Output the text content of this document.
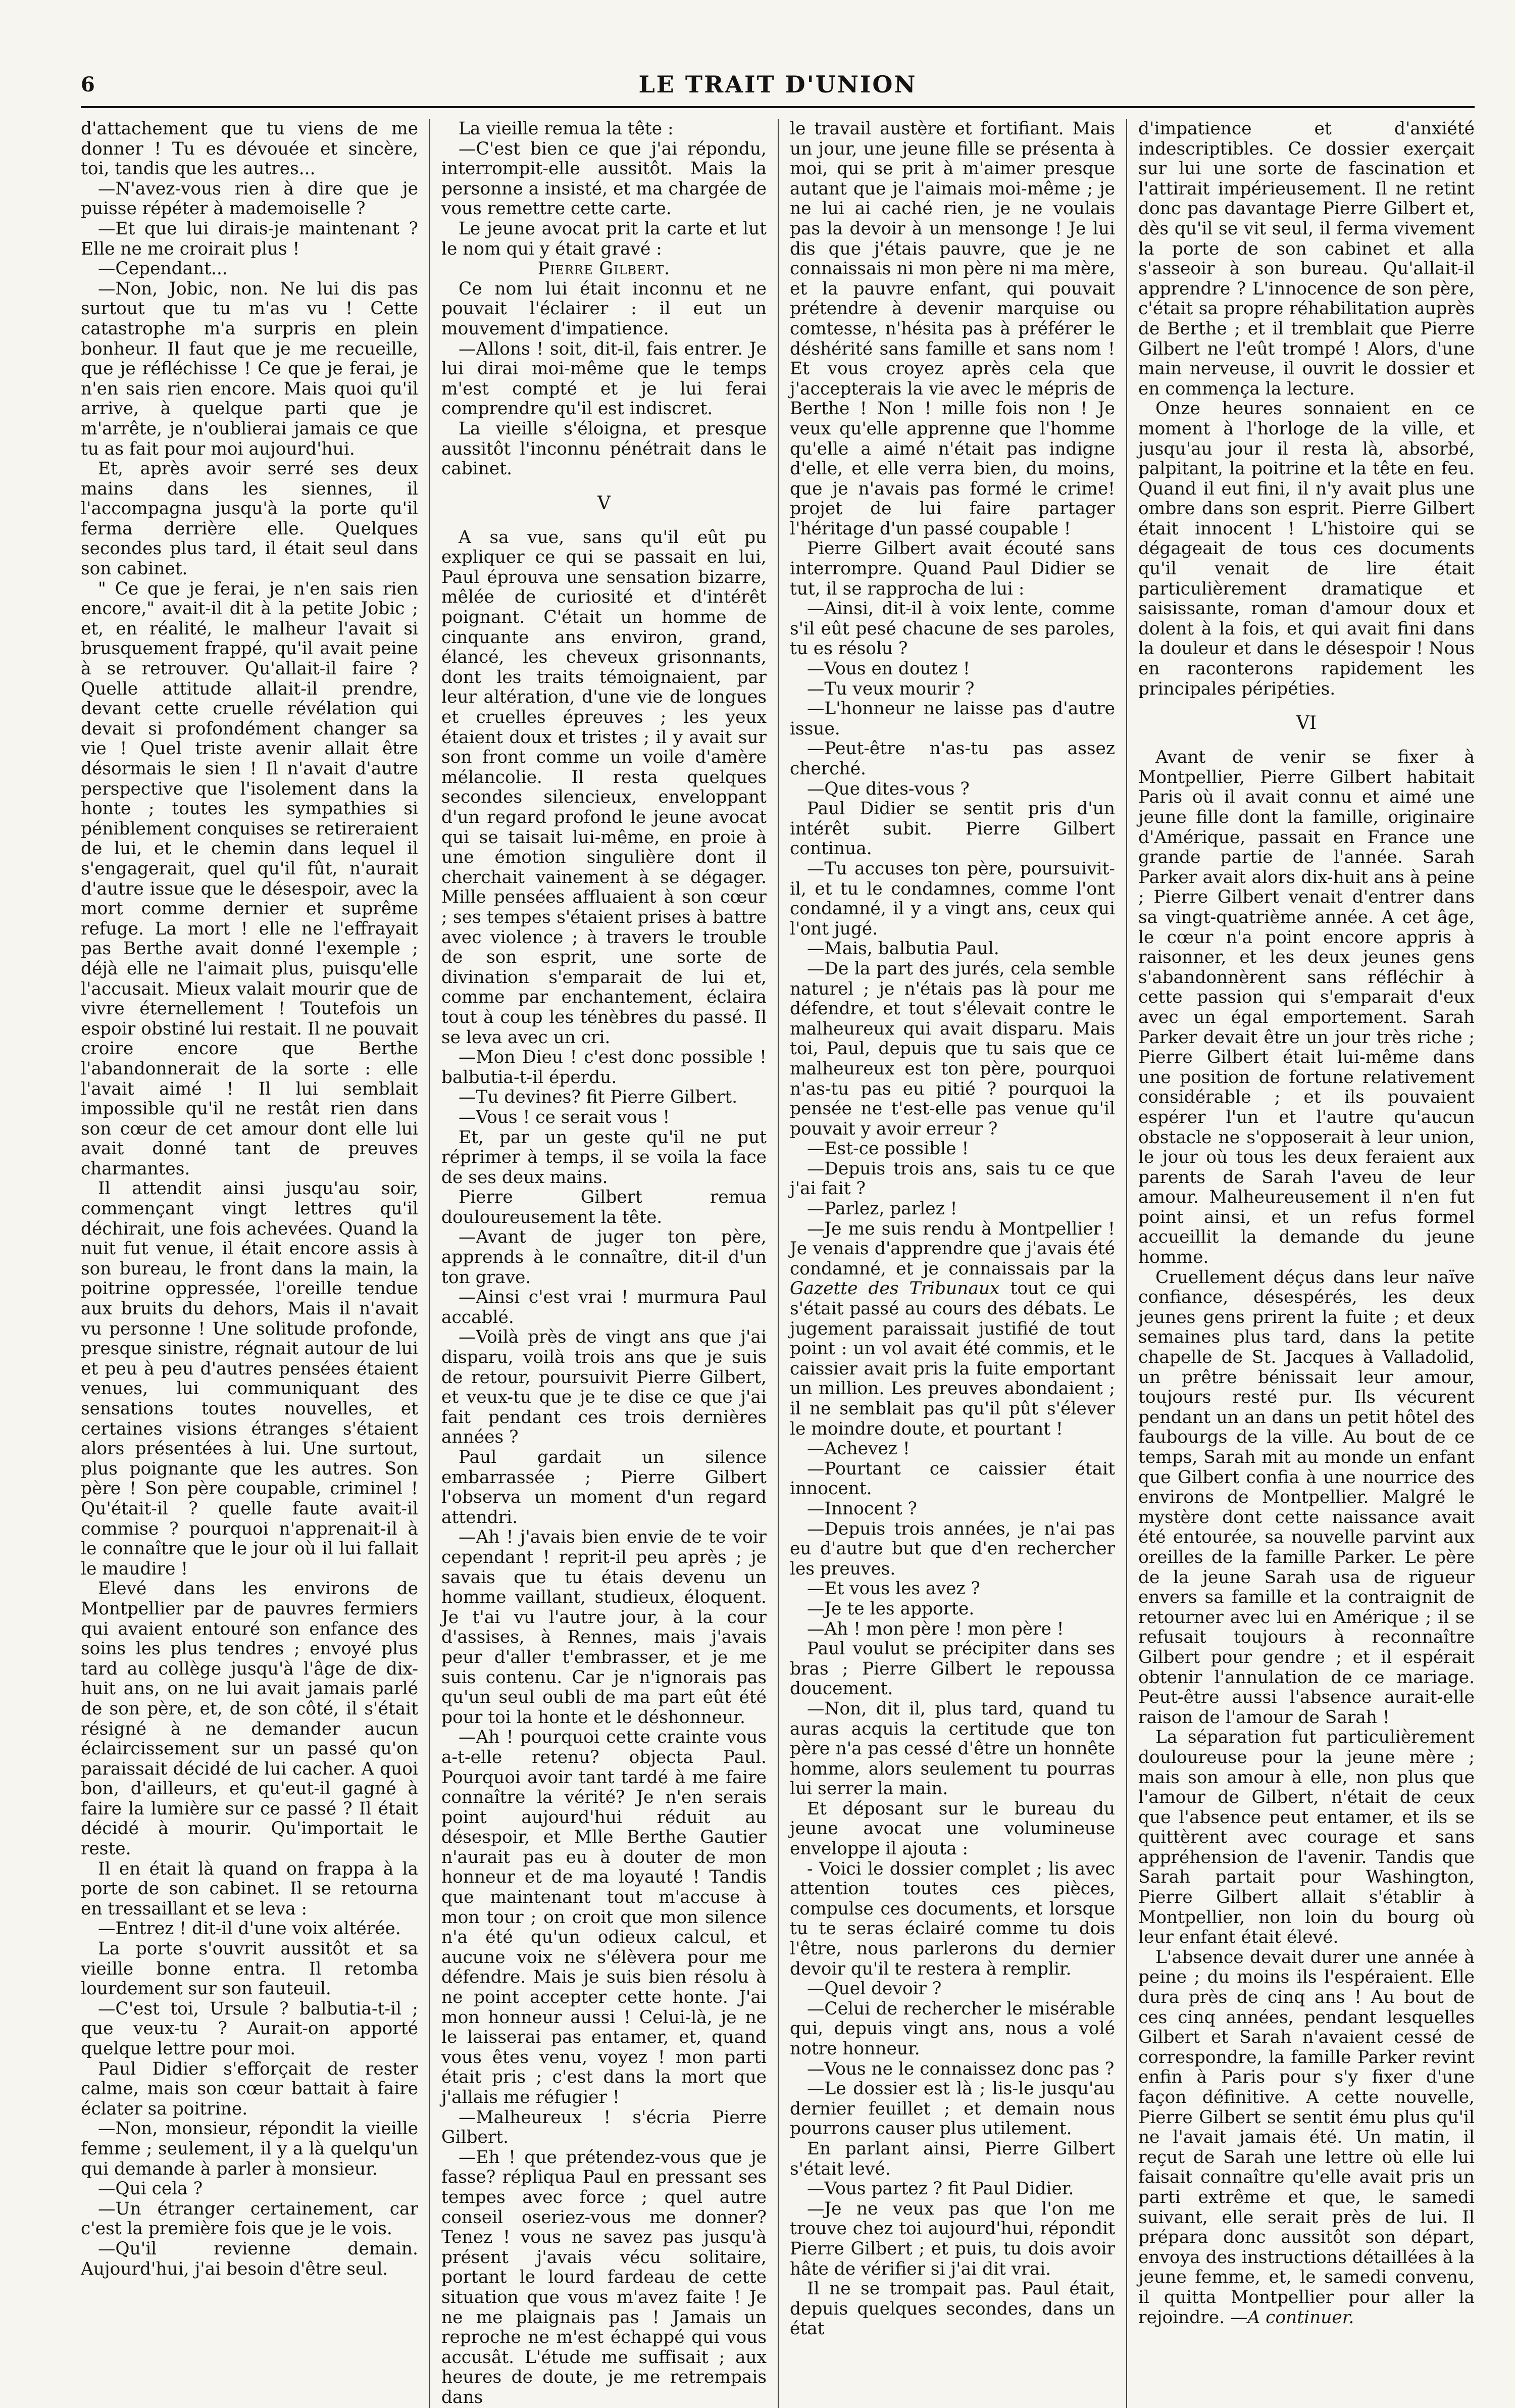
6	LE TRAIT D'UNION

d'attachement que tu viens de me donner ! Tu es dévouée et sincère, toi, tandis que les autres...

—N'avez-vous rien à dire que je puisse répéter à mademoiselle ?

—Et que lui dirais-je maintenant ? Elle ne me croirait plus !

—Cependant...

—Non, Jobic, non. Ne lui dis pas surtout que tu m'as vu ! Cette catastrophe m'a surpris en plein bonheur. Il faut que je me recueille, que je réfléchisse ! Ce que je ferai, je n'en sais rien encore. Mais quoi qu'il arrive, à quelque parti que je m'arrête, je n'oublierai jamais ce que tu as fait pour moi aujourd'hui.

Et, après avoir serré ses deux mains dans les siennes, il l'accompagna jusqu'à la porte qu'il ferma derrière elle. Quelques secondes plus tard, il était seul dans son cabinet.

" Ce que je ferai, je n'en sais rien encore," avait-il dit à la petite Jobic ; et, en réalité, le malheur l'avait si brusquement frappé, qu'il avait peine à se retrouver. Qu'allait-il faire ? Quelle attitude allait-il prendre, devant cette cruelle révélation qui devait si profondément changer sa vie ! Quel triste avenir allait être désormais le sien ! Il n'avait d'autre perspective que l'isolement dans la honte ; toutes les sympathies si péniblement conquises se retireraient de lui, et le chemin dans lequel il s'engagerait, quel qu'il fût, n'aurait d'autre issue que le désespoir, avec la mort comme dernier et suprême refuge. La mort ! elle ne l'effrayait pas Berthe avait donné l'exemple ; déjà elle ne l'aimait plus, puisqu'elle l'accusait. Mieux valait mourir que de vivre éternellement ! Toutefois un espoir obstiné lui restait. Il ne pouvait croire encore que Berthe l'abandonnerait de la sorte : elle l'avait aimé ! Il lui semblait impossible qu'il ne restât rien dans son cœur de cet amour dont elle lui avait donné tant de preuves charmantes.

Il attendit ainsi jusqu'au soir, commençant vingt lettres qu'il déchirait, une fois achevées. Quand la nuit fut venue, il était encore assis à son bureau, le front dans la main, la poitrine oppressée, l'oreille tendue aux bruits du dehors, Mais il n'avait vu personne ! Une solitude profonde, presque sinistre, régnait autour de lui et peu à peu d'autres pensées étaient venues, lui communiquant des sensations toutes nouvelles, et certaines visions étranges s'étaient alors présentées à lui. Une surtout, plus poignante que les autres. Son père ! Son père coupable, criminel ! Qu'était-il ? quelle faute avait-il commise ? pourquoi n'apprenait-il à le connaître que le jour où il lui fallait le maudire !

Elevé dans les environs de Montpellier par de pauvres fermiers qui avaient entouré son enfance des soins les plus tendres ; envoyé plus tard au collège jusqu'à l'âge de dix-huit ans, on ne lui avait jamais parlé de son père, et, de son côté, il s'était résigné à ne demander aucun éclaircissement sur un passé qu'on paraissait décidé de lui cacher. A quoi bon, d'ailleurs, et qu'eut-il gagné à faire la lumière sur ce passé ? Il était décidé à mourir. Qu'importait le reste.

Il en était là quand on frappa à la porte de son cabinet. Il se retourna en tressaillant et se leva :

—Entrez ! dit-il d'une voix altérée.

La porte s'ouvrit aussitôt et sa vieille bonne entra. Il retomba lourdement sur son fauteuil.

—C'est toi, Ursule ? balbutia-t-il ; que veux-tu ? Aurait-on apporté quelque lettre pour moi.

Paul Didier s'efforçait de rester calme, mais son cœur battait à faire éclater sa poitrine.

—Non, monsieur, répondit la vieille femme ; seulement, il y a là quelqu'un qui demande à parler à monsieur.

—Qui cela ?

—Un étranger certainement, car c'est la première fois que je le vois.

—Qu'il revienne demain. Aujourd'hui, j'ai besoin d'être seul.

La vieille remua la tête :

—C'est bien ce que j'ai répondu, interrompit-elle aussitôt. Mais la personne a insisté, et ma chargée de vous remettre cette carte.

Le jeune avocat prit la carte et lut le nom qui y était gravé :

Pierre Gilbert.

Ce nom lui était inconnu et ne pouvait l'éclairer : il eut un mouvement d'impatience.

—Allons ! soit, dit-il, fais entrer. Je lui dirai moi-même que le temps m'est compté et je lui ferai comprendre qu'il est indiscret.

La vieille s'éloigna, et presque aussitôt l'inconnu pénétrait dans le cabinet.

V

A sa vue, sans qu'il eût pu expliquer ce qui se passait en lui, Paul éprouva une sensation bizarre, mêlée de curiosité et d'intérêt poignant. C'était un homme de cinquante ans environ, grand, élancé, les cheveux grisonnants, dont les traits témoignaient, par leur altération, d'une vie de longues et cruelles épreuves ; les yeux étaient doux et tristes ; il y avait sur son front comme un voile d'amère mélancolie. Il resta quelques secondes silencieux, enveloppant d'un regard profond le jeune avocat qui se taisait lui-même, en proie à une émotion singulière dont il cherchait vainement à se dégager. Mille pensées affluaient à son cœur ; ses tempes s'étaient prises à battre avec violence ; à travers le trouble de son esprit, une sorte de divination s'emparait de lui et, comme par enchantement, éclaira tout à coup les ténèbres du passé. Il se leva avec un cri.

—Mon Dieu ! c'est donc possible ! balbutia-t-il éperdu.

—Tu devines? fit Pierre Gilbert.

—Vous ! ce serait vous !

Et, par un geste qu'il ne put réprimer à temps, il se voila la face de ses deux mains.

Pierre Gilbert remua douloureusement la tête.

—Avant de juger ton père, apprends à le connaître, dit-il d'un ton grave.

—Ainsi c'est vrai ! murmura Paul accablé.

—Voilà près de vingt ans que j'ai disparu, voilà trois ans que je suis de retour, poursuivit Pierre Gilbert, et veux-tu que je te dise ce que j'ai fait pendant ces trois dernières années ?

Paul gardait un silence embarrassée ; Pierre Gilbert l'observa un moment d'un regard attendri.

—Ah ! j'avais bien envie de te voir cependant ! reprit-il peu après ; je savais que tu étais devenu un homme vaillant, studieux, éloquent. Je t'ai vu l'autre jour, à la cour d'assises, à Rennes, mais j'avais peur d'aller t'embrasser, et je me suis contenu. Car je n'ignorais pas qu'un seul oubli de ma part eût été pour toi la honte et le déshonneur.

—Ah ! pourquoi cette crainte vous a-t-elle retenu? objecta Paul. Pourquoi avoir tant tardé à me faire connaître la vérité? Je n'en serais point aujourd'hui réduit au désespoir, et Mlle Berthe Gautier n'aurait pas eu à douter de mon honneur et de ma loyauté ! Tandis que maintenant tout m'accuse à mon tour ; on croit que mon silence n'a été qu'un odieux calcul, et aucune voix ne s'élèvera pour me défendre. Mais je suis bien résolu à ne point accepter cette honte. J'ai mon honneur aussi ! Celui-là, je ne le laisserai pas entamer, et, quand vous êtes venu, voyez ! mon parti était pris ; c'est dans la mort que j'allais me réfugier !

—Malheureux ! s'écria Pierre Gilbert.

—Eh ! que prétendez-vous que je fasse? répliqua Paul en pressant ses tempes avec force ; quel autre conseil oseriez-vous me donner? Tenez ! vous ne savez pas jusqu'à présent j'avais vécu solitaire, portant le lourd fardeau de cette situation que vous m'avez faite ! Je ne me plaignais pas ! Jamais un reproche ne m'est échappé qui vous accusât. L'étude me suffisait ; aux heures de doute, je me retrempais dans

le travail austère et fortifiant. Mais un jour, une jeune fille se présenta à moi, qui se prit à m'aimer presque autant que je l'aimais moi-même ; je ne lui ai caché rien, je ne voulais pas la devoir à un mensonge ! Je lui dis que j'étais pauvre, que je ne connaissais ni mon père ni ma mère, et la pauvre enfant, qui pouvait prétendre à devenir marquise ou comtesse, n'hésita pas à préférer le déshérité sans famille et sans nom ! Et vous croyez après cela que j'accepterais la vie avec le mépris de Berthe ! Non ! mille fois non ! Je veux qu'elle apprenne que l'homme qu'elle a aimé n'était pas indigne d'elle, et elle verra bien, du moins, que je n'avais pas formé le crime! projet de lui faire partager l'héritage d'un passé coupable !

Pierre Gilbert avait écouté sans interrompre. Quand Paul Didier se tut, il se rapprocha de lui :

—Ainsi, dit-il à voix lente, comme s'il eût pesé chacune de ses paroles, tu es résolu ?

—Vous en doutez !

—Tu veux mourir ?

—L'honneur ne laisse pas d'autre issue.

—Peut-être n'as-tu pas assez cherché.

—Que dites-vous ?

Paul Didier se sentit pris d'un intérêt subit. Pierre Gilbert continua.

—Tu accuses ton père, poursuivit-il, et tu le condamnes, comme l'ont condamné, il y a vingt ans, ceux qui l'ont jugé.

—Mais, balbutia Paul.

—De la part des jurés, cela semble naturel ; je n'étais pas là pour me défendre, et tout s'élevait contre le malheureux qui avait disparu. Mais toi, Paul, depuis que tu sais que ce malheureux est ton père, pourquoi n'as-tu pas eu pitié ? pourquoi la pensée ne t'est-elle pas venue qu'il pouvait y avoir erreur ?

—Est-ce possible !

—Depuis trois ans, sais tu ce que j'ai fait ?

—Parlez, parlez !

—Je me suis rendu à Montpellier ! Je venais d'apprendre que j'avais été condamné, et je connaissais par la Gazette des Tribunaux tout ce qui s'était passé au cours des débats. Le jugement paraissait justifié de tout point : un vol avait été commis, et le caissier avait pris la fuite emportant un million. Les preuves abondaient ; il ne semblait pas qu'il pût s'élever le moindre doute, et pourtant !

—Achevez !

—Pourtant ce caissier était innocent.

—Innocent ?

—Depuis trois années, je n'ai pas eu d'autre but que d'en rechercher les preuves.

—Et vous les avez ?

—Je te les apporte.

—Ah ! mon père ! mon père !

Paul voulut se précipiter dans ses bras ; Pierre Gilbert le repoussa doucement.

—Non, dit il, plus tard, quand tu auras acquis la certitude que ton père n'a pas cessé d'être un honnête homme, alors seulement tu pourras lui serrer la main.

Et déposant sur le bureau du jeune avocat une volumineuse enveloppe il ajouta :

- Voici le dossier complet ; lis avec attention toutes ces pièces, compulse ces documents, et lorsque tu te seras éclairé comme tu dois l'être, nous parlerons du dernier devoir qu'il te restera à remplir.

—Quel devoir ?

—Celui de rechercher le misérable qui, depuis vingt ans, nous a volé notre honneur.

—Vous ne le connaissez donc pas ?

—Le dossier est là ; lis-le jusqu'au dernier feuillet ; et demain nous pourrons causer plus utilement.

En parlant ainsi, Pierre Gilbert s'était levé.

—Vous partez ? fit Paul Didier.

—Je ne veux pas que l'on me trouve chez toi aujourd'hui, répondit Pierre Gilbert ; et puis, tu dois avoir hâte de vérifier si j'ai dit vrai.

Il ne se trompait pas. Paul était, depuis quelques secondes, dans un état

d'impatience et d'anxiété indescriptibles. Ce dossier exerçait sur lui une sorte de fascination et l'attirait impérieusement. Il ne retint donc pas davantage Pierre Gilbert et, dès qu'il se vit seul, il ferma vivement la porte de son cabinet et alla s'asseoir à son bureau. Qu'allait-il apprendre ? L'innocence de son père, c'était sa propre réhabilitation auprès de Berthe ; et il tremblait que Pierre Gilbert ne l'eût trompé ! Alors, d'une main nerveuse, il ouvrit le dossier et en commença la lecture.

Onze heures sonnaient en ce moment à l'horloge de la ville, et jusqu'au jour il resta là, absorbé, palpitant, la poitrine et la tête en feu. Quand il eut fini, il n'y avait plus une ombre dans son esprit. Pierre Gilbert était innocent ! L'histoire qui se dégageait de tous ces documents qu'il venait de lire était particulièrement dramatique et saisissante, roman d'amour doux et dolent à la fois, et qui avait fini dans la douleur et dans le désespoir ! Nous en raconterons rapidement les principales péripéties.

VI

Avant de venir se fixer à Montpellier, Pierre Gilbert habitait Paris où il avait connu et aimé une jeune fille dont la famille, originaire d'Amérique, passait en France une grande partie de l'année. Sarah Parker avait alors dix-huit ans à peine ; Pierre Gilbert venait d'entrer dans sa vingt-quatrième année. A cet âge, le cœur n'a point encore appris à raisonner, et les deux jeunes gens s'abandonnèrent sans réfléchir à cette passion qui s'emparait d'eux avec un égal emportement. Sarah Parker devait être un jour très riche ; Pierre Gilbert était lui-même dans une position de fortune relativement considérable ; et ils pouvaient espérer l'un et l'autre qu'aucun obstacle ne s'opposerait à leur union, le jour où tous les deux feraient aux parents de Sarah l'aveu de leur amour. Malheureusement il n'en fut point ainsi, et un refus formel accueillit la demande du jeune homme.

Cruellement déçus dans leur naïve confiance, désespérés, les deux jeunes gens prirent la fuite ; et deux semaines plus tard, dans la petite chapelle de St. Jacques à Valladolid, un prêtre bénissait leur amour, toujours resté pur. Ils vécurent pendant un an dans un petit hôtel des faubourgs de la ville. Au bout de ce temps, Sarah mit au monde un enfant que Gilbert confia à une nourrice des environs de Montpellier. Malgré le mystère dont cette naissance avait été entourée, sa nouvelle parvint aux oreilles de la famille Parker. Le père de la jeune Sarah usa de rigueur envers sa famille et la contraignit de retourner avec lui en Amérique ; il se refusait toujours à reconnaître Gilbert pour gendre ; et il espérait obtenir l'annulation de ce mariage. Peut-être aussi l'absence aurait-elle raison de l'amour de Sarah !

La séparation fut particulièrement douloureuse pour la jeune mère ; mais son amour à elle, non plus que l'amour de Gilbert, n'était de ceux que l'absence peut entamer, et ils se quittèrent avec courage et sans appréhension de l'avenir. Tandis que Sarah partait pour Washington, Pierre Gilbert allait s'établir à Montpellier, non loin du bourg où leur enfant était élevé.

L'absence devait durer une année à peine ; du moins ils l'espéraient. Elle dura près de cinq ans ! Au bout de ces cinq années, pendant lesquelles Gilbert et Sarah n'avaient cessé de correspondre, la famille Parker revint enfin à Paris pour s'y fixer d'une façon définitive. A cette nouvelle, Pierre Gilbert se sentit ému plus qu'il ne l'avait jamais été. Un matin, il reçut de Sarah une lettre où elle lui faisait connaître qu'elle avait pris un parti extrême et que, le samedi suivant, elle serait près de lui. Il prépara donc aussitôt son départ, envoya des instructions détaillées à la jeune femme, et, le samedi convenu, il quitta Montpellier pour aller la rejoindre. —A continuer.
